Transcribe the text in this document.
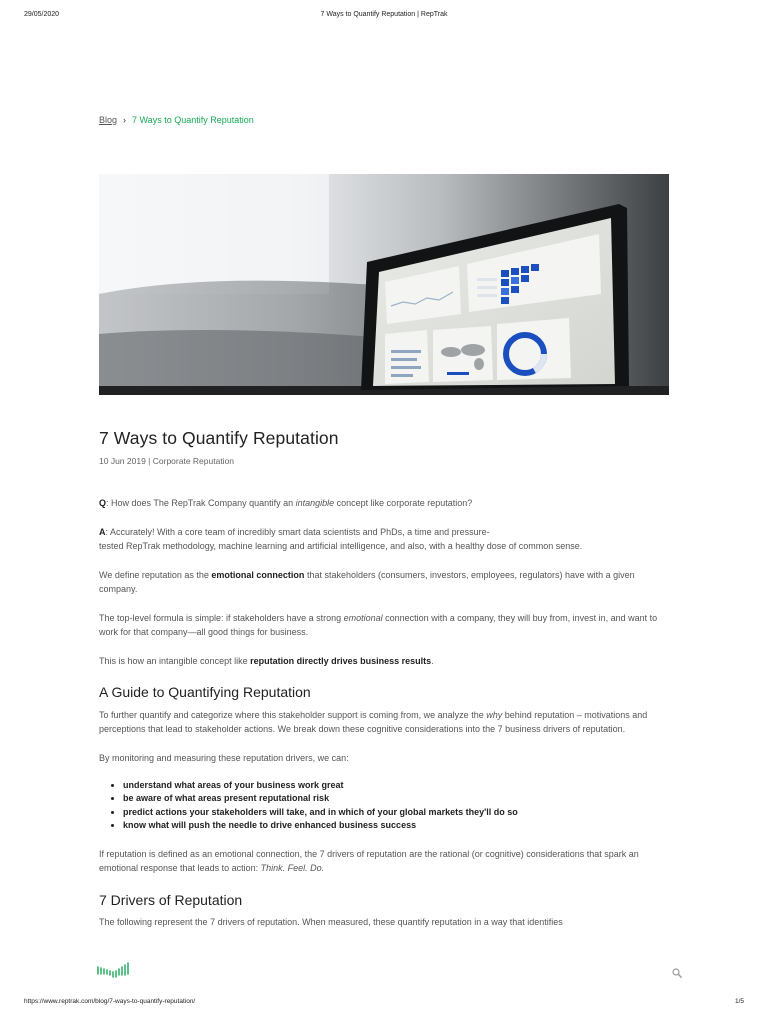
29/05/2020	7 Ways to Quantify Reputation | RepTrak
Blog › 7 Ways to Quantify Reputation
7 Ways to Quantify Reputation
10 Jun 2019 | Corporate Reputation

Q: How does The RepTrak Company quantify an intangible concept like corporate reputation?

A: Accurately! With a core team of incredibly smart data scientists and PhDs, a time and pressure-
tested RepTrak methodology, machine learning and artificial intelligence, and also, with a healthy dose of common sense.

We define reputation as the emotional connection that stakeholders (consumers, investors, employees, regulators) have with a given company.

The top-level formula is simple: if stakeholders have a strong emotional connection with a company, they will buy from, invest in, and want to work for that company—all good things for business.

This is how an intangible concept like reputation directly drives business results.

A Guide to Quantifying Reputation

To further quantify and categorize where this stakeholder support is coming from, we analyze the why behind reputation – motivations and perceptions that lead to stakeholder actions. We break down these cognitive considerations into the 7 business drivers of reputation.

By monitoring and measuring these reputation drivers, we can:

• understand what areas of your business work great
• be aware of what areas present reputational risk
• predict actions your stakeholders will take, and in which of your global markets they'll do so
• know what will push the needle to drive enhanced business success

If reputation is defined as an emotional connection, the 7 drivers of reputation are the rational (or cognitive) considerations that spark an emotional response that leads to action: Think. Feel. Do.

7 Drivers of Reputation

The following represent the 7 drivers of reputation. When measured, these quantify reputation in a way that identifies

https://www.reptrak.com/blog/7-ways-to-quantify-reputation/	1/5
